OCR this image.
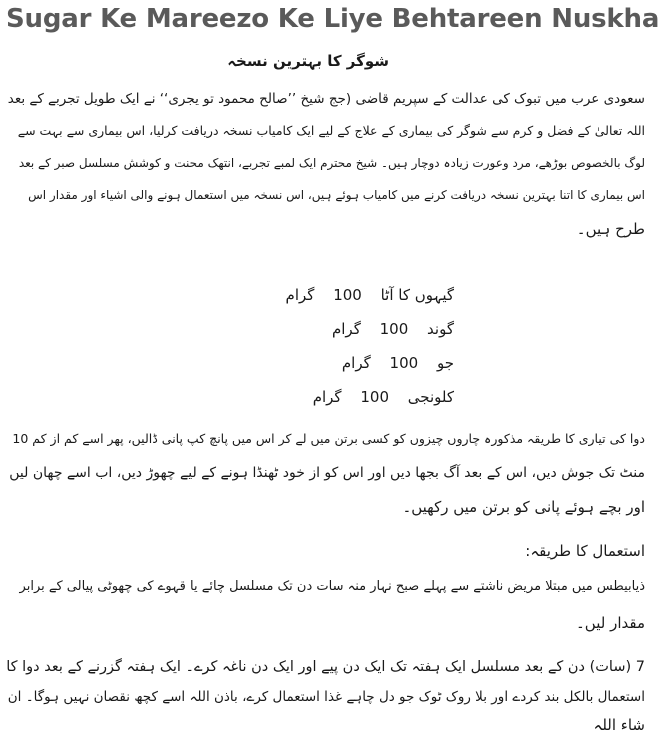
Sugar Ke Mareezo Ke Liye Behtareen Nuskha
شوگر کا بہترین نسخہ
سعودی عرب میں تبوک کی عدالت کے سپریم قاضی (جج شیخ ’’صالح محمود تو یجری‘‘ نے ایک طویل تجربے کے بعد
اللہ تعالیٰ کے فضل و کرم سے شوگر کی بیماری کے علاج کے لیے ایک کامیاب نسخہ دریافت کرلیا، اس بیماری سے بہت سے
لوگ بالخصوص بوڑھے، مرد وعورت زیادہ دوچار ہیں۔ شیخ محترم ایک لمبے تجربے، انتھک محنت و کوشش مسلسل صبر کے بعد
اس بیماری کا اتنا بہترین نسخہ دریافت کرنے میں کامیاب ہوئے ہیں، اس نسخہ میں استعمال ہونے والی اشیاء اور مقدار اس
طرح ہیں۔
گیہوں کا آٹا 100 گرام
گوند 100 گرام
جو 100 گرام
کلونجی 100 گرام
دوا کی تیاری کا طریقہ مذکورہ چاروں چیزوں کو کسی برتن میں لے کر اس میں پانچ کپ پانی ڈالیں، پھر اسے کم از کم 10
منٹ تک جوش دیں، اس کے بعد آگ بجھا دیں اور اس کو از خود ٹھنڈا ہونے کے لیے چھوڑ دیں، اب اسے چھان لیں
اور بچے ہوئے پانی کو برتن میں رکھیں۔
استعمال کا طریقہ:
ذیابیطس میں مبتلا مریض ناشتے سے پہلے صبح نہار منہ سات دن تک مسلسل چائے یا قہوے کی چھوٹی پیالی کے برابر
مقدار لیں۔
7 (سات) دن کے بعد مسلسل ایک ہفتہ تک ایک دن پیے اور ایک دن ناغہ کرے۔ ایک ہفتہ گزرنے کے بعد دوا کا
استعمال بالکل بند کردے اور بلا روک ٹوک جو دل چاہے غذا استعمال کرے، باذن اللہ اسے کچھ نقصان نہیں ہوگا۔ ان
شاء اللہ
